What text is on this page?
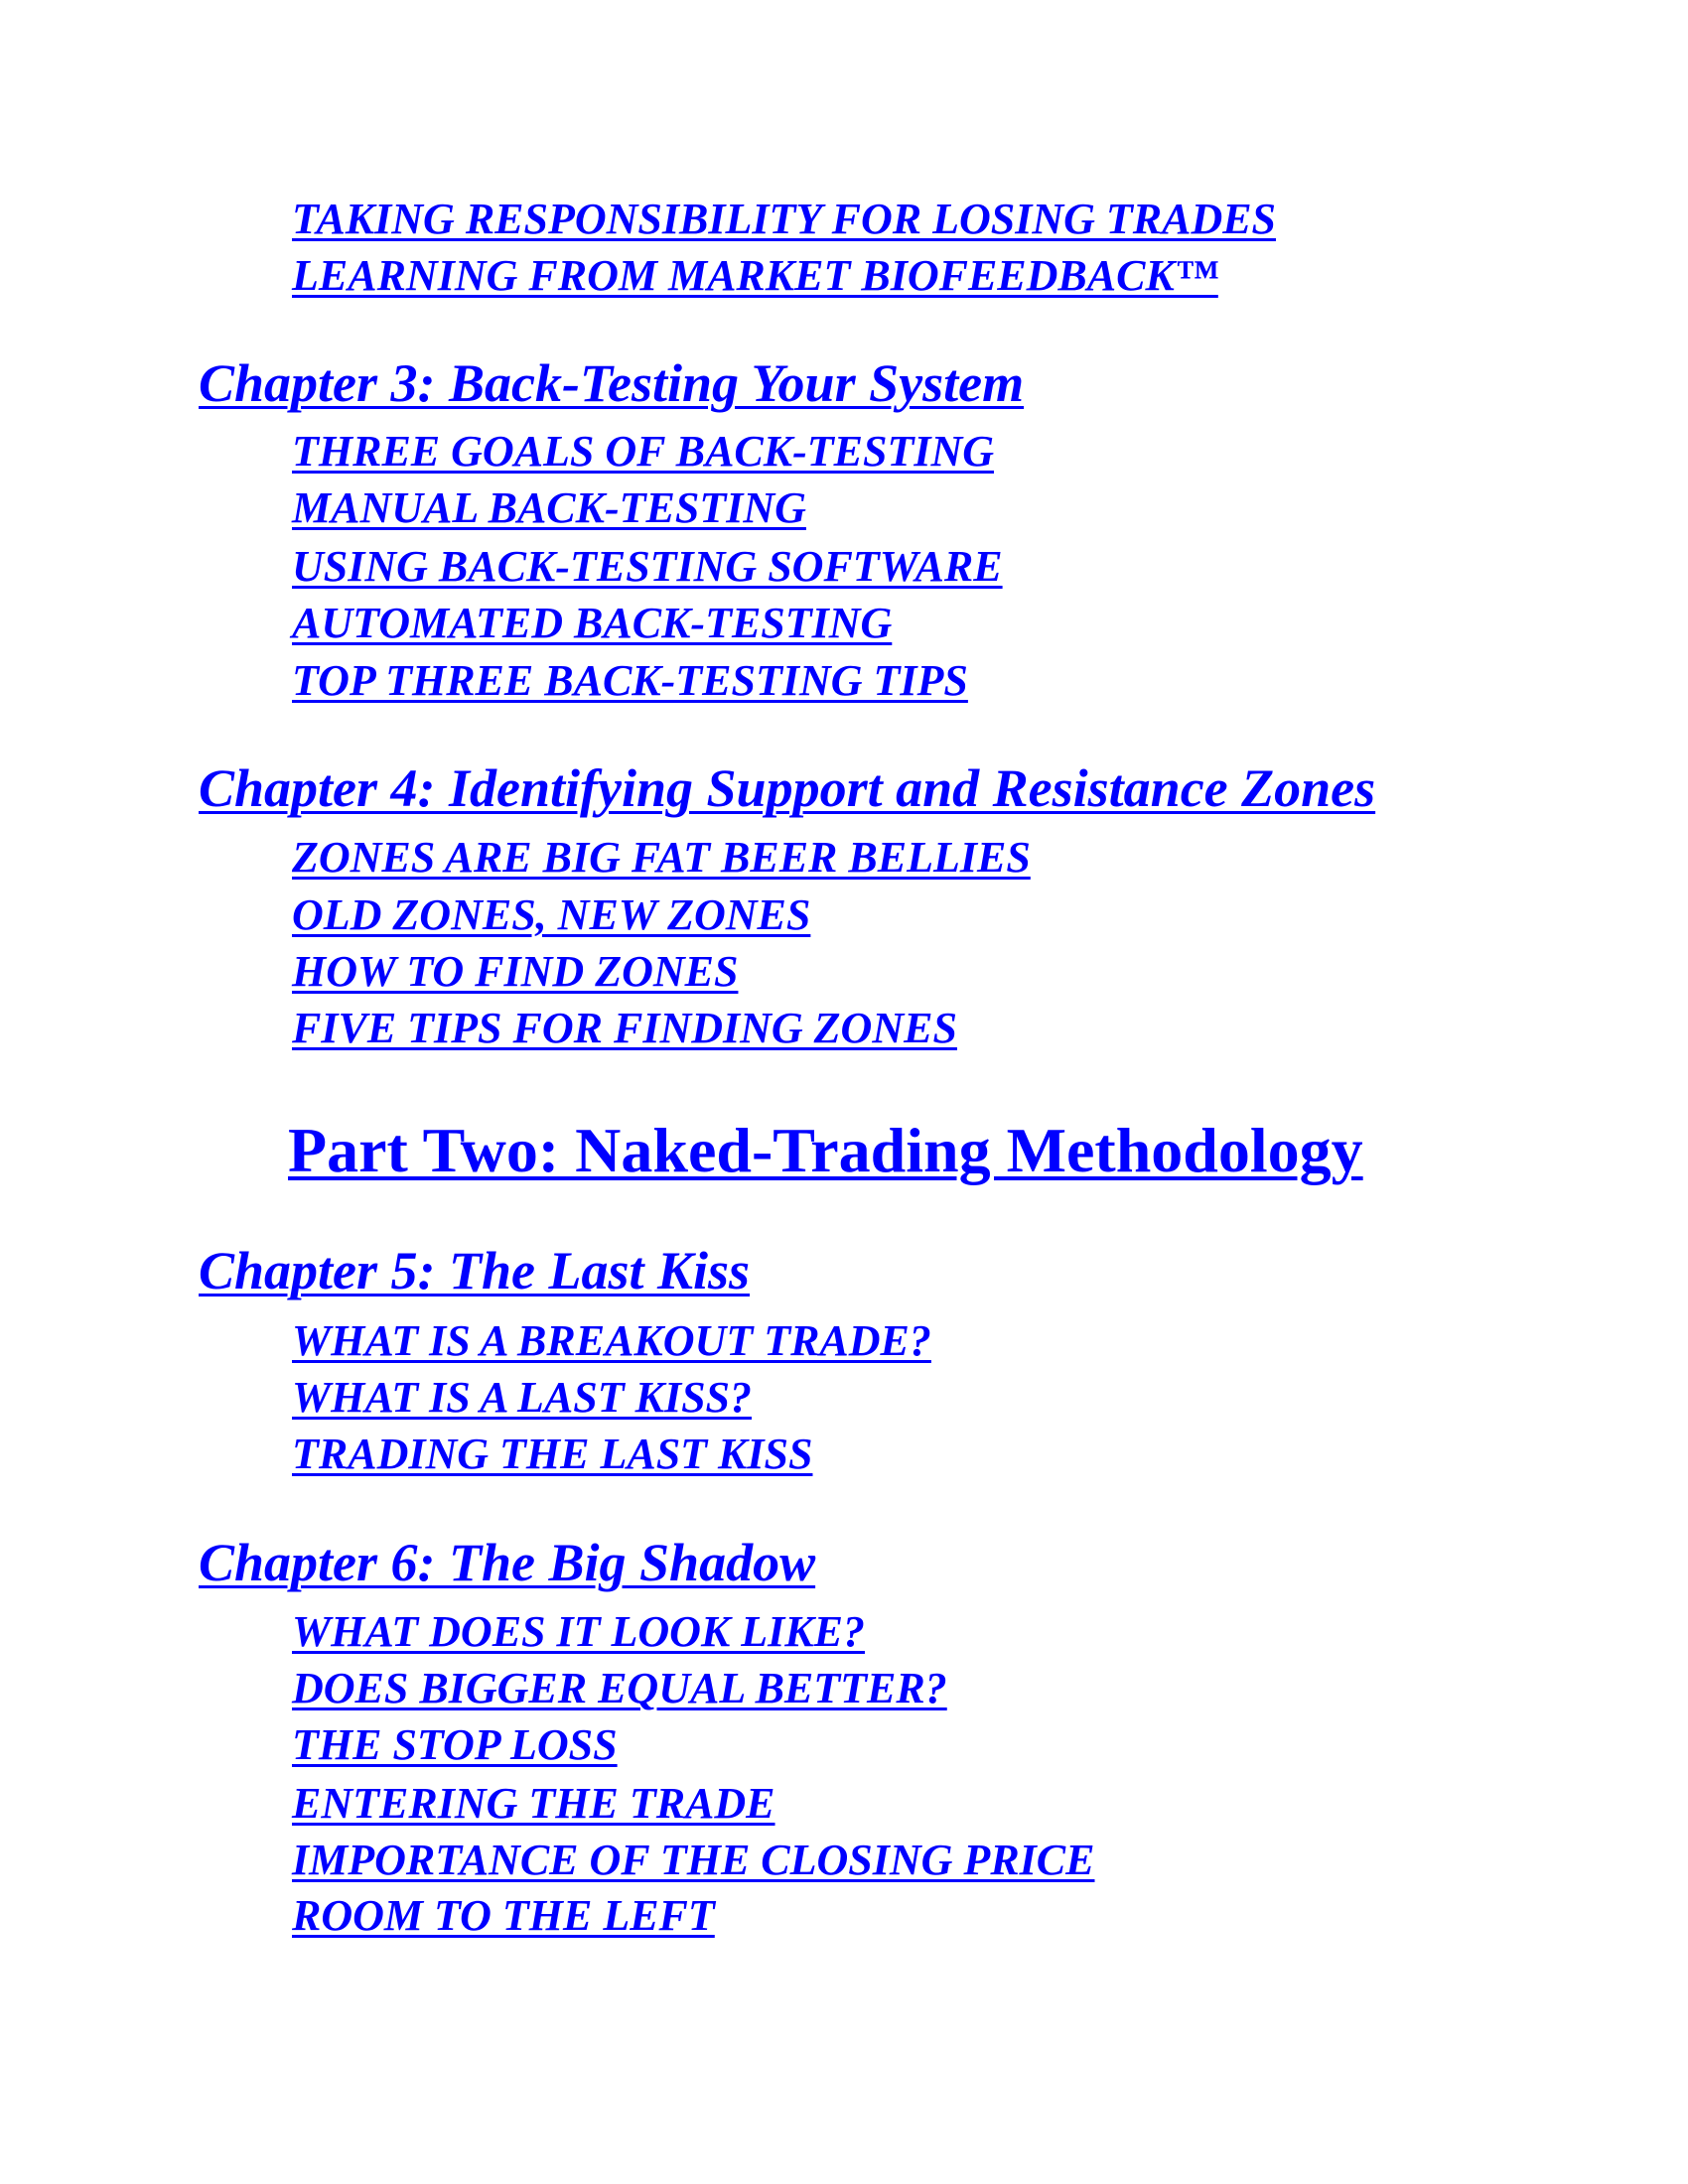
TAKING RESPONSIBILITY FOR LOSING TRADES
LEARNING FROM MARKET BIOFEEDBACK™
Chapter 3: Back-Testing Your System
THREE GOALS OF BACK-TESTING
MANUAL BACK-TESTING
USING BACK-TESTING SOFTWARE
AUTOMATED BACK-TESTING
TOP THREE BACK-TESTING TIPS
Chapter 4: Identifying Support and Resistance Zones
ZONES ARE BIG FAT BEER BELLIES
OLD ZONES, NEW ZONES
HOW TO FIND ZONES
FIVE TIPS FOR FINDING ZONES
Part Two: Naked-Trading Methodology
Chapter 5: The Last Kiss
WHAT IS A BREAKOUT TRADE?
WHAT IS A LAST KISS?
TRADING THE LAST KISS
Chapter 6: The Big Shadow
WHAT DOES IT LOOK LIKE?
DOES BIGGER EQUAL BETTER?
THE STOP LOSS
ENTERING THE TRADE
IMPORTANCE OF THE CLOSING PRICE
ROOM TO THE LEFT
